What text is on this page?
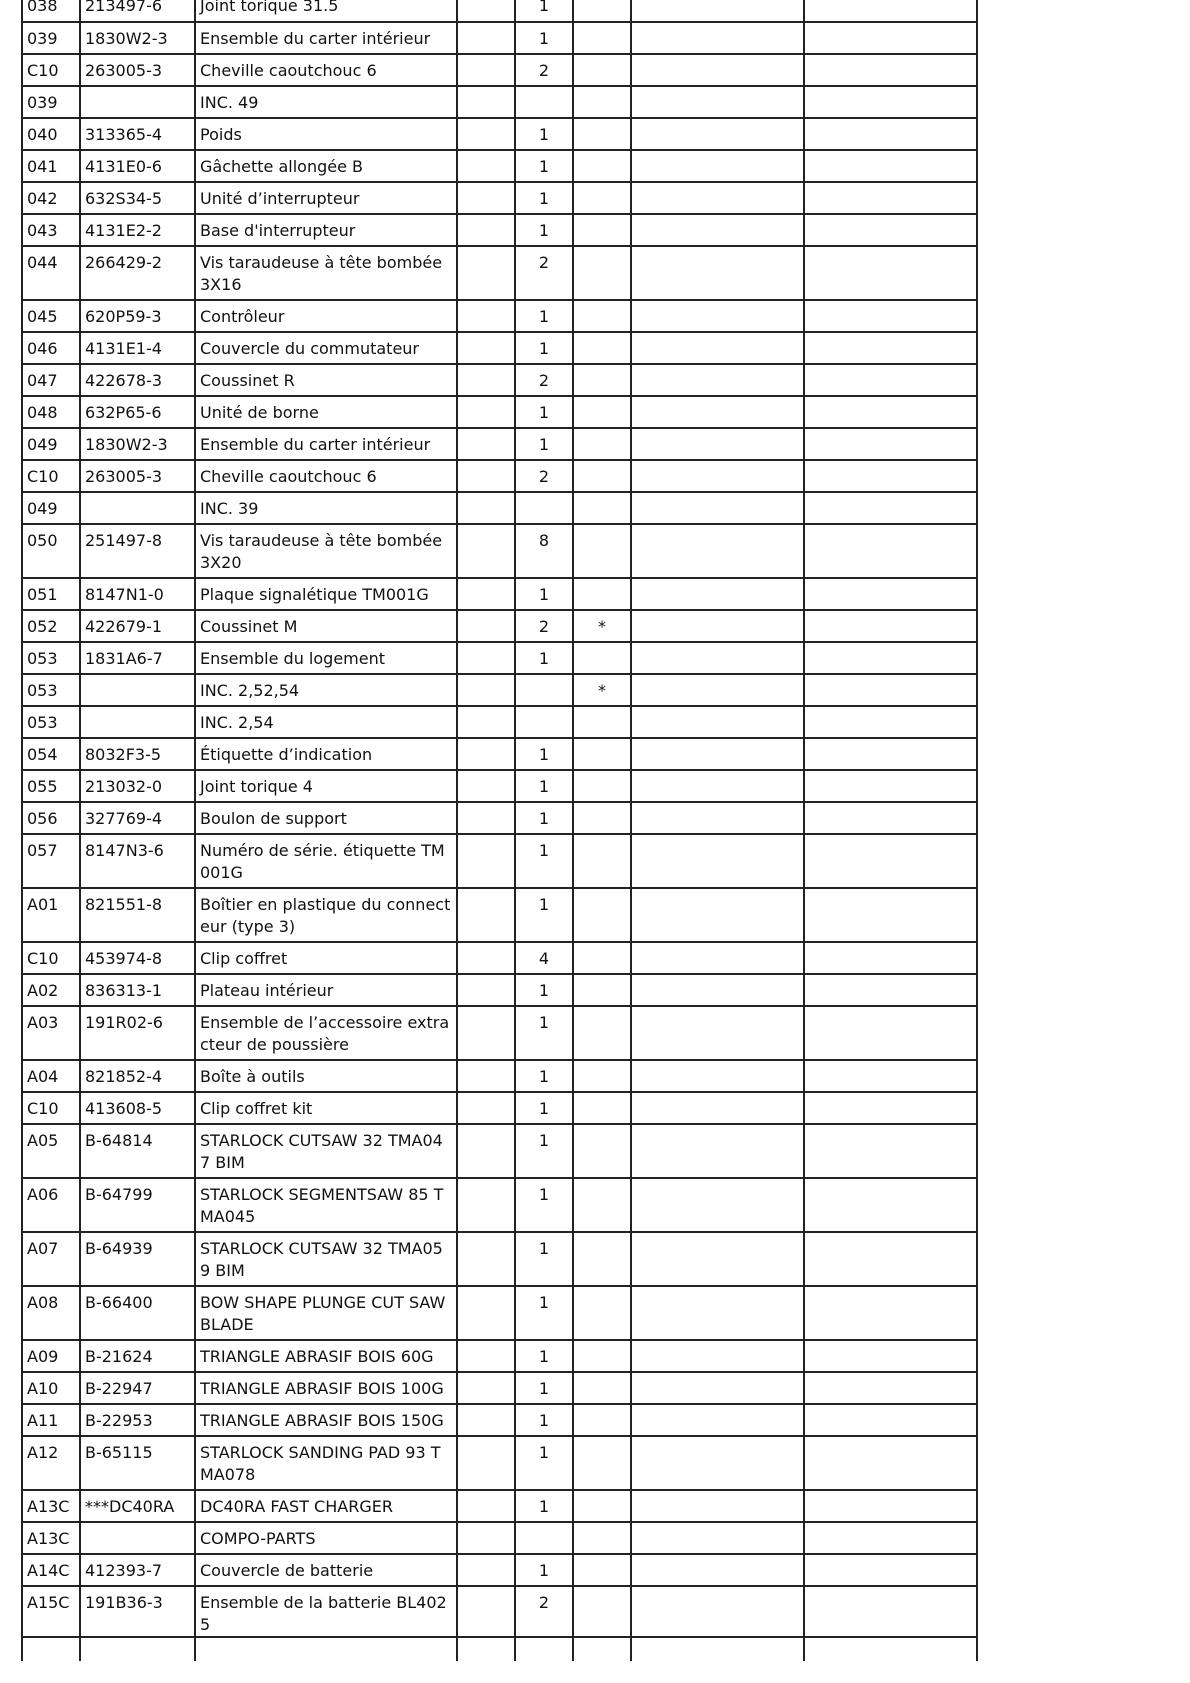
038	213497-6	Joint torique 31.5		1			
039	1830W2-3	Ensemble du carter intérieur		1			
C10	263005-3	Cheville caoutchouc 6		2			
039		INC. 49					
040	313365-4	Poids		1			
041	4131E0-6	Gâchette allongée B		1			
042	632S34-5	Unité d’interrupteur		1			
043	4131E2-2	Base d'interrupteur		1			
044	266429-2	Vis taraudeuse à tête bombée 3X16		2			
045	620P59-3	Contrôleur		1			
046	4131E1-4	Couvercle du commutateur		1			
047	422678-3	Coussinet R		2			
048	632P65-6	Unité de borne		1			
049	1830W2-3	Ensemble du carter intérieur		1			
C10	263005-3	Cheville caoutchouc 6		2			
049		INC. 39					
050	251497-8	Vis taraudeuse à tête bombée 3X20		8			
051	8147N1-0	Plaque signalétique TM001G		1			
052	422679-1	Coussinet M		2	*		
053	1831A6-7	Ensemble du logement		1			
053		INC. 2,52,54			*		
053		INC. 2,54					
054	8032F3-5	Étiquette d’indication		1			
055	213032-0	Joint torique 4		1			
056	327769-4	Boulon de support		1			
057	8147N3-6	Numéro de série. étiquette TM001G		1			
A01	821551-8	Boîtier en plastique du connecteur (type 3)		1			
C10	453974-8	Clip coffret		4			
A02	836313-1	Plateau intérieur		1			
A03	191R02-6	Ensemble de l’accessoire extracteur de poussière		1			
A04	821852-4	Boîte à outils		1			
C10	413608-5	Clip coffret kit		1			
A05	B-64814	STARLOCK CUTSAW 32 TMA047 BIM		1			
A06	B-64799	STARLOCK SEGMENTSAW 85 TMA045		1			
A07	B-64939	STARLOCK CUTSAW 32 TMA059 BIM		1			
A08	B-66400	BOW SHAPE PLUNGE CUT SAWBLADE		1			
A09	B-21624	TRIANGLE ABRASIF BOIS 60G		1			
A10	B-22947	TRIANGLE ABRASIF BOIS 100G		1			
A11	B-22953	TRIANGLE ABRASIF BOIS 150G		1			
A12	B-65115	STARLOCK SANDING PAD 93 TMA078		1			
A13C	***DC40RA	DC40RA FAST CHARGER		1			
A13C		COMPO-PARTS					
A14C	412393-7	Couvercle de batterie		1			
A15C	191B36-3	Ensemble de la batterie BL4025		2			
